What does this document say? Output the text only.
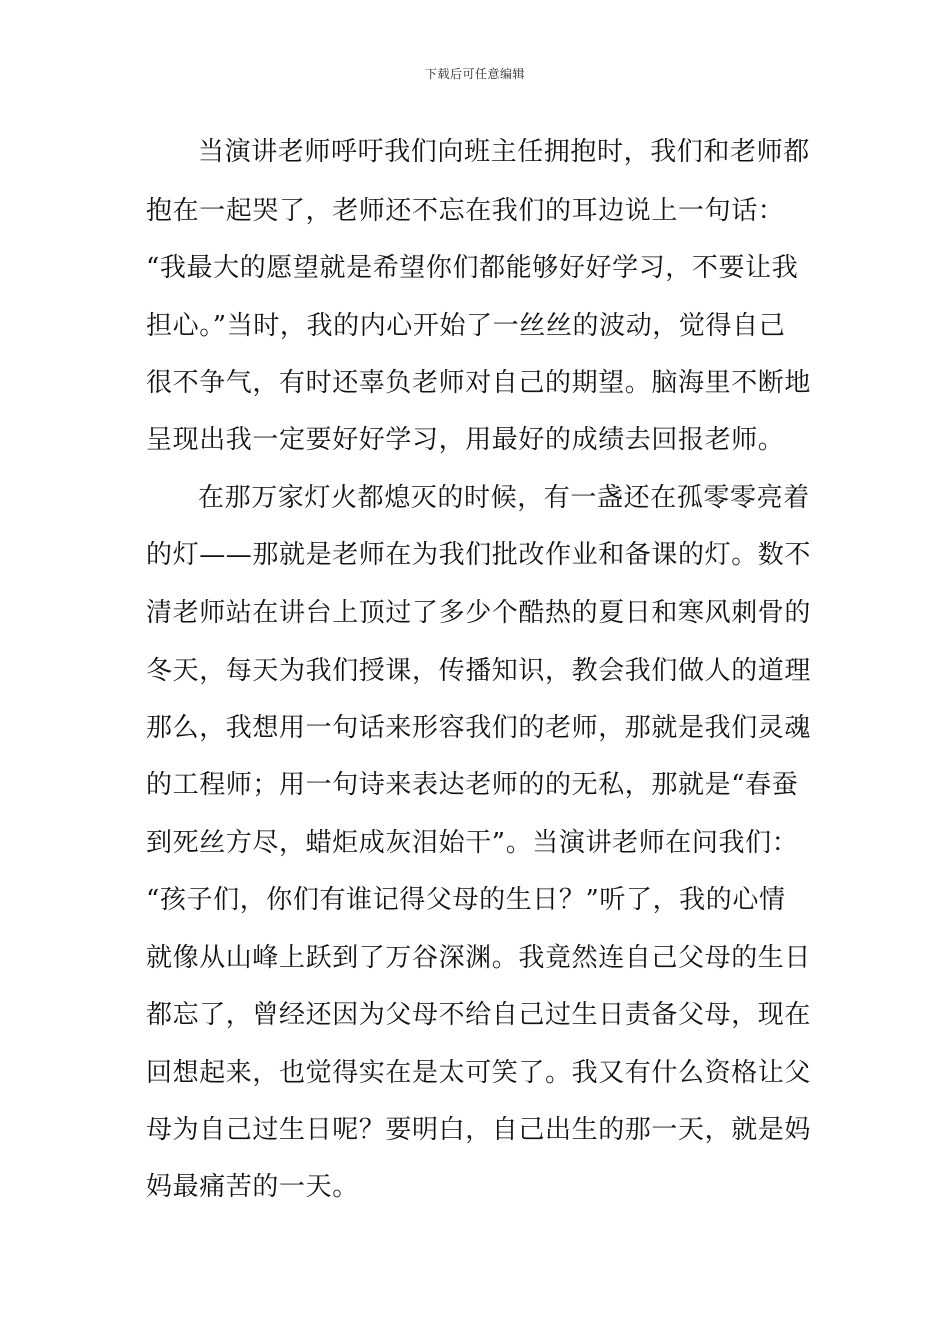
下载后可任意编辑
当演讲老师呼吁我们向班主任拥抱时，我们和老师都
抱在一起哭了，老师还不忘在我们的耳边说上一句话：
“我最大的愿望就是希望你们都能够好好学习，不要让我
担心。”当时，我的内心开始了一丝丝的波动，觉得自己
很不争气，有时还辜负老师对自己的期望。脑海里不断地
呈现出我一定要好好学习，用最好的成绩去回报老师。
在那万家灯火都熄灭的时候，有一盏还在孤零零亮着
的灯——那就是老师在为我们批改作业和备课的灯。数不
清老师站在讲台上顶过了多少个酷热的夏日和寒风刺骨的
冬天，每天为我们授课，传播知识，教会我们做人的道理
那么，我想用一句话来形容我们的老师，那就是我们灵魂
的工程师；用一句诗来表达老师的的无私，那就是“春蚕
到死丝方尽，蜡炬成灰泪始干”。当演讲老师在问我们：
“孩子们，你们有谁记得父母的生日？”听了，我的心情
就像从山峰上跃到了万谷深渊。我竟然连自己父母的生日
都忘了，曾经还因为父母不给自己过生日责备父母，现在
回想起来，也觉得实在是太可笑了。我又有什么资格让父
母为自己过生日呢？要明白，自己出生的那一天，就是妈
妈最痛苦的一天。
